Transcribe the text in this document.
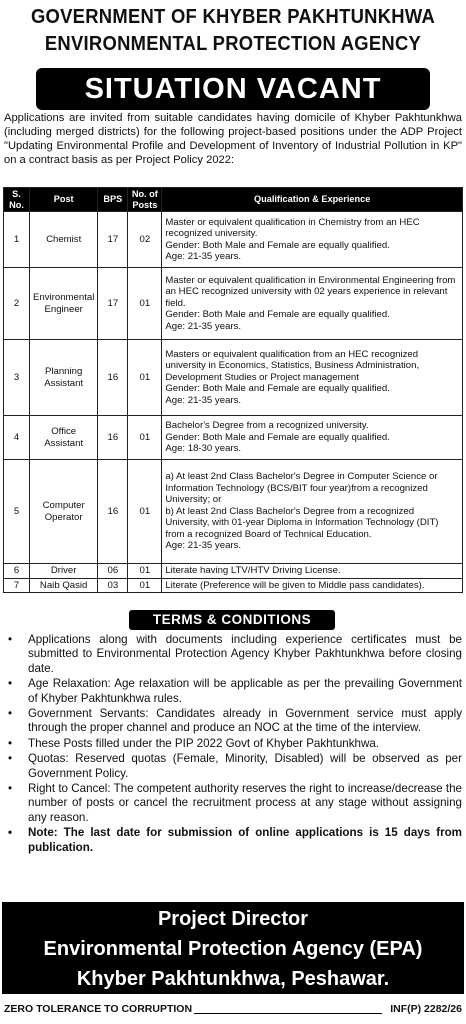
GOVERNMENT OF KHYBER PAKHTUNKHWA
ENVIRONMENTAL PROTECTION AGENCY
SITUATION VACANT
Applications are invited from suitable candidates having domicile of Khyber Pakhtunkhwa (including merged districts) for the following project-based positions under the ADP Project "Updating Environmental Profile and Development of Inventory of Industrial Pollution in KP" on a contract basis as per Project Policy 2022:
S. No.	Post	BPS	No. of Posts	Qualification & Experience
1	Chemist	17	02	Master or equivalent qualification in Chemistry from an HEC recognized university.
Gender: Both Male and Female are equally qualified.
Age: 21-35 years.

2	Environmental Engineer	17	01	Master or equivalent qualification in Environmental Engineering from an HEC recognized university with 02 years experience in relevant field.
Gender: Both Male and Female are equally qualified.
Age: 21-35 years.

3	Planning Assistant	16	01	Masters or equivalent qualification from an HEC recognized university in Economics, Statistics, Business Administration, Development Studies or Project management
Gender: Both Male and Female are equally qualified.
Age: 21-35 years.

4	Office Assistant	16	01	Bachelor's Degree from a recognized university.
Gender: Both Male and Female are equally qualified.
Age: 18-30 years.

5	Computer Operator	16	01	a) At least 2nd Class Bachelor's Degree in Computer Science or Information Technology (BCS/BIT four year)from a recognized University; or
b) At least 2nd Class Bachelor's Degree from a recognized University, with 01-year Diploma in Information Technology (DIT) from a recognized Board of Technical Education.
Age: 21-35 years.

6	Driver	06	01	Literate having LTV/HTV Driving License.

7	Naib Qasid	03	01	Literate (Preference will be given to Middle pass candidates).
TERMS & CONDITIONS
• Applications along with documents including experience certificates must be submitted to Environmental Protection Agency Khyber Pakhtunkhwa before closing date.
• Age Relaxation: Age relaxation will be applicable as per the prevailing Government of Khyber Pakhtunkhwa rules.
• Government Servants: Candidates already in Government service must apply through the proper channel and produce an NOC at the time of the interview.
• These Posts filled under the PIP 2022 Govt of Khyber Pakhtunkhwa.
• Quotas: Reserved quotas (Female, Minority, Disabled) will be observed as per Government Policy.
• Right to Cancel: The competent authority reserves the right to increase/decrease the number of posts or cancel the recruitment process at any stage without assigning any reason.
• Note: The last date for submission of online applications is 15 days from publication.
Project Director
Environmental Protection Agency (EPA)
Khyber Pakhtunkhwa, Peshawar.
ZERO TOLERANCE TO CORRUPTION	INF(P) 2282/26
